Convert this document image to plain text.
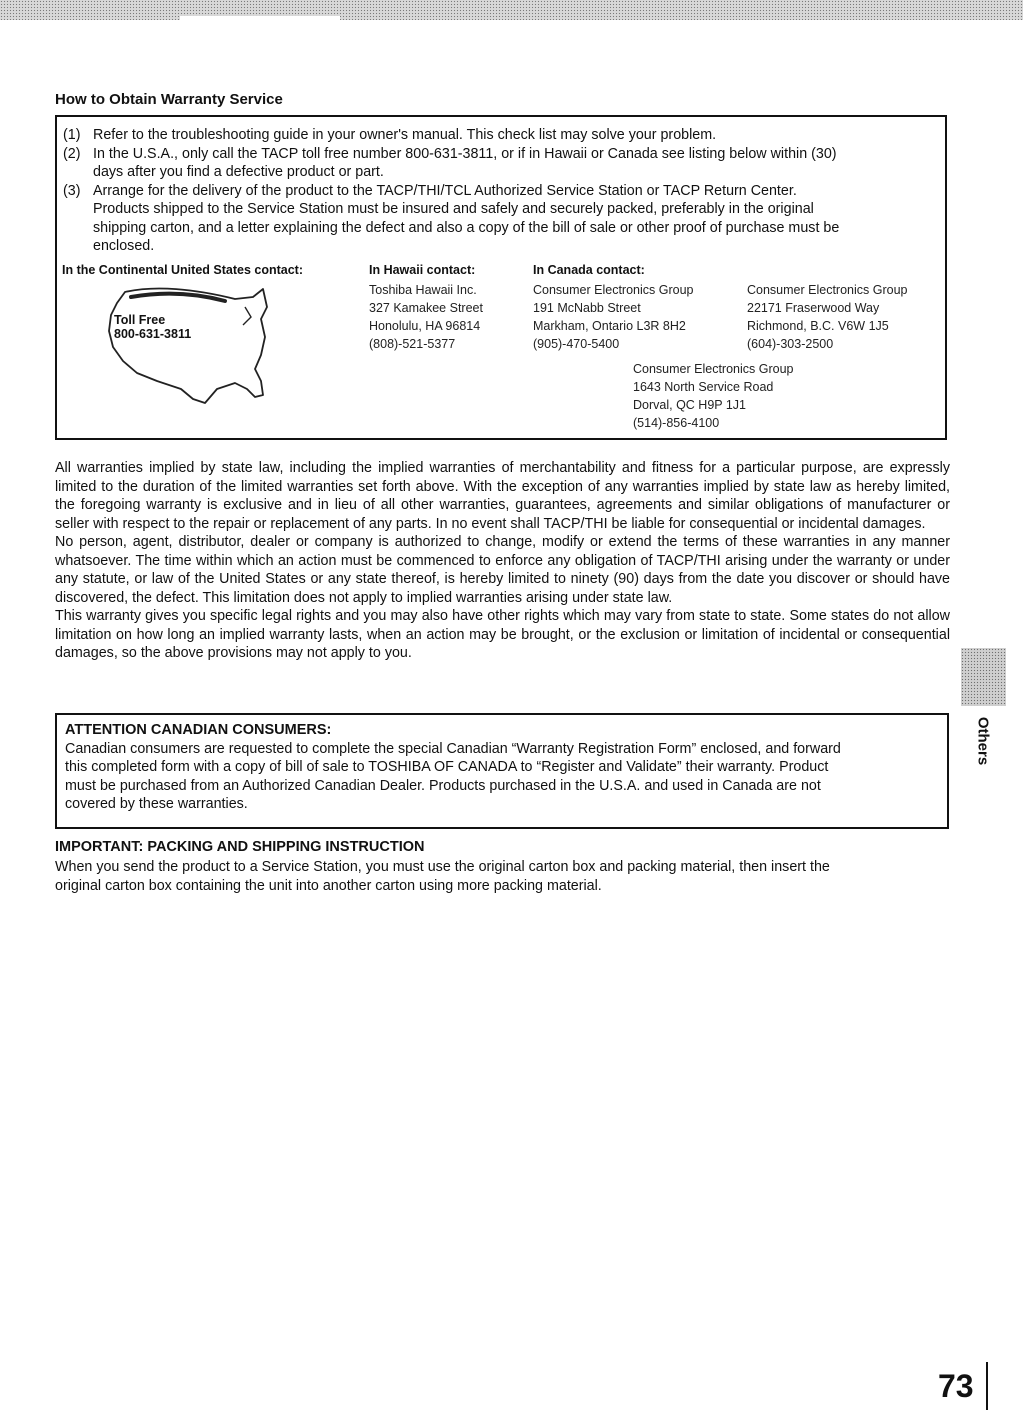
How to Obtain Warranty Service
(1) Refer to the troubleshooting guide in your owner's manual. This check list may solve your problem.
(2) In the U.S.A., only call the TACP toll free number 800-631-3811, or if in Hawaii or Canada see listing below within (30)
days after you find a defective product or part.
(3) Arrange for the delivery of the product to the TACP/THI/TCL Authorized Service Station or TACP Return Center.
Products shipped to the Service Station must be insured and safely and securely packed, preferably in the original
shipping carton, and a letter explaining the defect and also a copy of the bill of sale or other proof of purchase must be
enclosed.
In the Continental United States contact:
Toll Free
800-631-3811
In Hawaii contact:
Toshiba Hawaii Inc.
327 Kamakee Street
Honolulu, HA 96814
(808)-521-5377
In Canada contact:
Consumer Electronics Group
191 McNabb Street
Markham, Ontario L3R 8H2
(905)-470-5400
Consumer Electronics Group
22171 Fraserwood Way
Richmond, B.C. V6W 1J5
(604)-303-2500
Consumer Electronics Group
1643 North Service Road
Dorval, QC H9P 1J1
(514)-856-4100

All warranties implied by state law, including the implied warranties of merchantability and fitness for a particular purpose, are expressly limited to the duration of the limited warranties set forth above. With the exception of any warranties implied by state law as hereby limited, the foregoing warranty is exclusive and in lieu of all other warranties, guarantees, agreements and similar obligations of manufacturer or seller with respect to the repair or replacement of any parts. In no event shall TACP/THI be liable for consequential or incidental damages.

No person, agent, distributor, dealer or company is authorized to change, modify or extend the terms of these warranties in any manner whatsoever. The time within which an action must be commenced to enforce any obligation of TACP/THI arising under the warranty or under any statute, or law of the United States or any state thereof, is hereby limited to ninety (90) days from the date you discover or should have discovered, the defect. This limitation does not apply to implied warranties arising under state law.

This warranty gives you specific legal rights and you may also have other rights which may vary from state to state. Some states do not allow limitation on how long an implied warranty lasts, when an action may be brought, or the exclusion or limitation of incidental or consequential damages, so the above provisions may not apply to you.

ATTENTION CANADIAN CONSUMERS:
Canadian consumers are requested to complete the special Canadian “Warranty Registration Form” enclosed, and forward
this completed form with a copy of bill of sale to TOSHIBA OF CANADA to “Register and Validate” their warranty. Product
must be purchased from an Authorized Canadian Dealer. Products purchased in the U.S.A. and used in Canada are not
covered by these warranties.
IMPORTANT: PACKING AND SHIPPING INSTRUCTION
When you send the product to a Service Station, you must use the original carton box and packing material, then insert the
original carton box containing the unit into another carton using more packing material.
Others
73
